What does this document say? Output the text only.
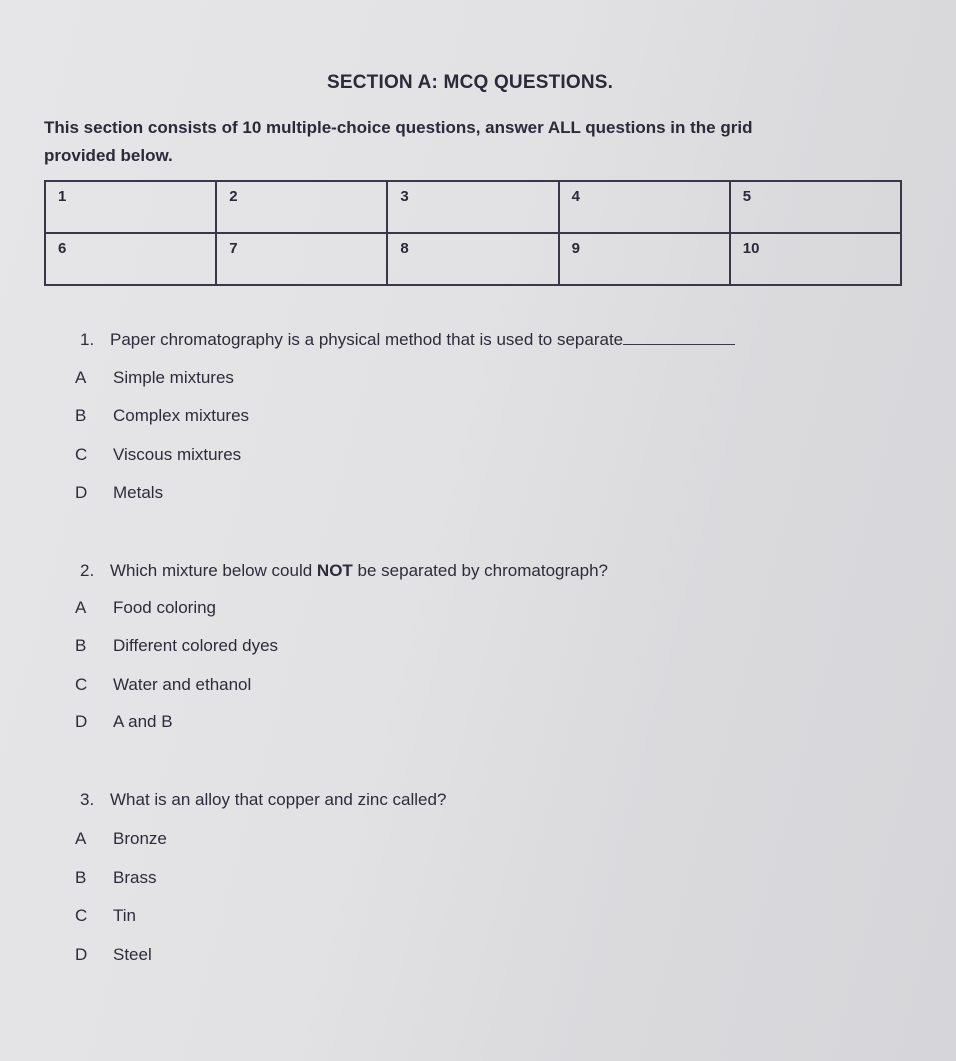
SECTION A: MCQ QUESTIONS.
This section consists of 10 multiple-choice questions, answer ALL questions in the grid
provided below.
1	2	3	4	5
6	7	8	9	10
1. Paper chromatography is a physical method that is used to separate
A Simple mixtures
B Complex mixtures
C Viscous mixtures
D Metals
2. Which mixture below could NOT be separated by chromatograph?
A Food coloring
B Different colored dyes
C Water and ethanol
D A and B
3. What is an alloy that copper and zinc called?
A Bronze
B Brass
C Tin
D Steel
